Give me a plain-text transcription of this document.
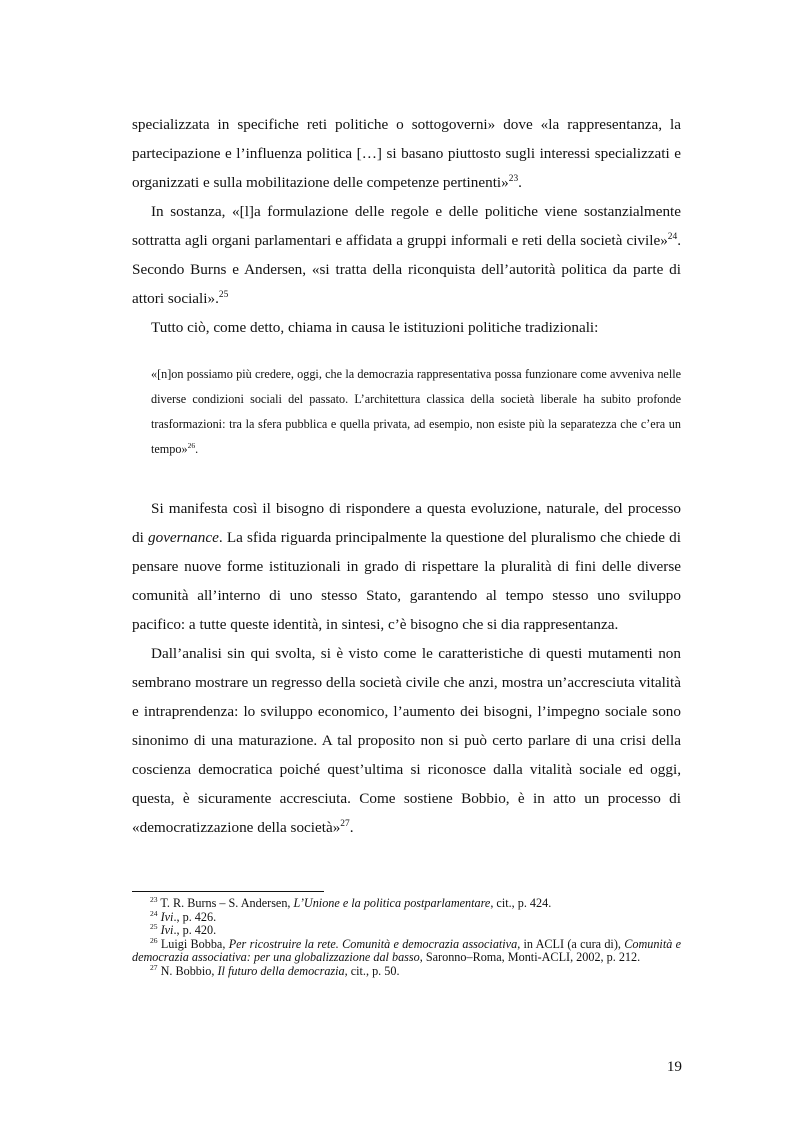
specializzata in specifiche reti politiche o sottogoverni» dove «la rappresentanza, la partecipazione e l’influenza politica […] si basano piuttosto sugli interessi specializzati e organizzati e sulla mobilitazione delle competenze pertinenti»$^{23}$.

In sostanza, «[l]a formulazione delle regole e delle politiche viene sostanzialmente sottratta agli organi parlamentari e affidata a gruppi informali e reti della società civile»$^{24}$. Secondo Burns e Andersen, «si tratta della riconquista dell’autorità politica da parte di attori sociali».$^{25}$

Tutto ciò, come detto, chiama in causa le istituzioni politiche tradizionali:

«[n]on possiamo più credere, oggi, che la democrazia rappresentativa possa funzionare come avveniva nelle diverse condizioni sociali del passato. L’architettura classica della società liberale ha subito profonde trasformazioni: tra la sfera pubblica e quella privata, ad esempio, non esiste più la separatezza che c’era un tempo»$^{26}$.

Si manifesta così il bisogno di rispondere a questa evoluzione, naturale, del processo di governance. La sfida riguarda principalmente la questione del pluralismo che chiede di pensare nuove forme istituzionali in grado di rispettare la pluralità di fini delle diverse comunità all’interno di uno stesso Stato, garantendo al tempo stesso uno sviluppo pacifico: a tutte queste identità, in sintesi, c’è bisogno che si dia rappresentanza.

Dall’analisi sin qui svolta, si è visto come le caratteristiche di questi mutamenti non sembrano mostrare un regresso della società civile che anzi, mostra un’accresciuta vitalità e intraprendenza: lo sviluppo economico, l’aumento dei bisogni, l’impegno sociale sono sinonimo di una maturazione. A tal proposito non si può certo parlare di una crisi della coscienza democratica poiché quest’ultima si riconosce dalla vitalità sociale ed oggi, questa, è sicuramente accresciuta. Come sostiene Bobbio, è in atto un processo di «democratizzazione della società»$^{27}$.

$^{23}$ T. R. Burns – S. Andersen, L’Unione e la politica postparlamentare, cit., p. 424.

$^{24}$ Ivi., p. 426.

$^{25}$ Ivi., p. 420.

$^{26}$ Luigi Bobba, Per ricostruire la rete. Comunità e democrazia associativa, in ACLI (a cura di), Comunità e democrazia associativa: per una globalizzazione dal basso, Saronno–Roma, Monti-ACLI, 2002, p. 212.

$^{27}$ N. Bobbio, Il futuro della democrazia, cit., p. 50.

19
